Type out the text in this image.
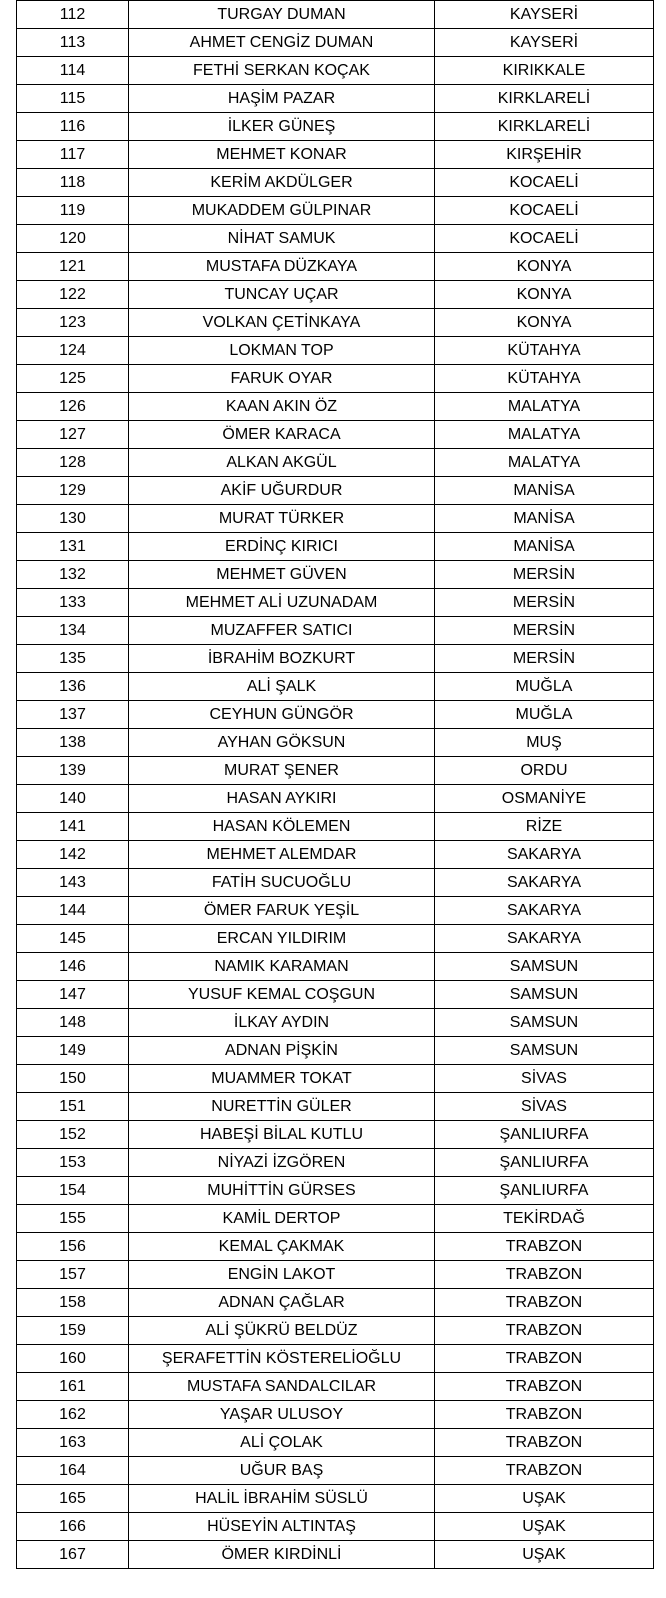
112	TURGAY DUMAN	KAYSERİ
113	AHMET CENGİZ DUMAN	KAYSERİ
114	FETHİ SERKAN KOÇAK	KIRIKKALE
115	HAŞİM PAZAR	KIRKLARELİ
116	İLKER GÜNEŞ	KIRKLARELİ
117	MEHMET KONAR	KIRŞEHİR
118	KERİM AKDÜLGER	KOCAELİ
119	MUKADDEM GÜLPINAR	KOCAELİ
120	NİHAT SAMUK	KOCAELİ
121	MUSTAFA DÜZKAYA	KONYA
122	TUNCAY UÇAR	KONYA
123	VOLKAN ÇETİNKAYA	KONYA
124	LOKMAN TOP	KÜTAHYA
125	FARUK OYAR	KÜTAHYA
126	KAAN AKIN ÖZ	MALATYA
127	ÖMER KARACA	MALATYA
128	ALKAN AKGÜL	MALATYA
129	AKİF UĞURDUR	MANİSA
130	MURAT TÜRKER	MANİSA
131	ERDİNÇ KIRICI	MANİSA
132	MEHMET GÜVEN	MERSİN
133	MEHMET ALİ UZUNADAM	MERSİN
134	MUZAFFER SATICI	MERSİN
135	İBRAHİM BOZKURT	MERSİN
136	ALİ ŞALK	MUĞLA
137	CEYHUN GÜNGÖR	MUĞLA
138	AYHAN GÖKSUN	MUŞ
139	MURAT ŞENER	ORDU
140	HASAN AYKIRI	OSMANİYE
141	HASAN KÖLEMEN	RİZE
142	MEHMET ALEMDAR	SAKARYA
143	FATİH SUCUOĞLU	SAKARYA
144	ÖMER FARUK YEŞİL	SAKARYA
145	ERCAN YILDIRIM	SAKARYA
146	NAMIK KARAMAN	SAMSUN
147	YUSUF KEMAL COŞGUN	SAMSUN
148	İLKAY AYDIN	SAMSUN
149	ADNAN PİŞKİN	SAMSUN
150	MUAMMER TOKAT	SİVAS
151	NURETTİN GÜLER	SİVAS
152	HABEŞİ BİLAL KUTLU	ŞANLIURFA
153	NİYAZİ İZGÖREN	ŞANLIURFA
154	MUHİTTİN GÜRSES	ŞANLIURFA
155	KAMİL DERTOP	TEKİRDAĞ
156	KEMAL ÇAKMAK	TRABZON
157	ENGİN LAKOT	TRABZON
158	ADNAN ÇAĞLAR	TRABZON
159	ALİ ŞÜKRÜ BELDÜZ	TRABZON
160	ŞERAFETTİN KÖSTERELİOĞLU	TRABZON
161	MUSTAFA SANDALCILAR	TRABZON
162	YAŞAR ULUSOY	TRABZON
163	ALİ ÇOLAK	TRABZON
164	UĞUR BAŞ	TRABZON
165	HALİL İBRAHİM SÜSLÜ	UŞAK
166	HÜSEYİN ALTINTAŞ	UŞAK
167	ÖMER KIRDİNLİ	UŞAK
